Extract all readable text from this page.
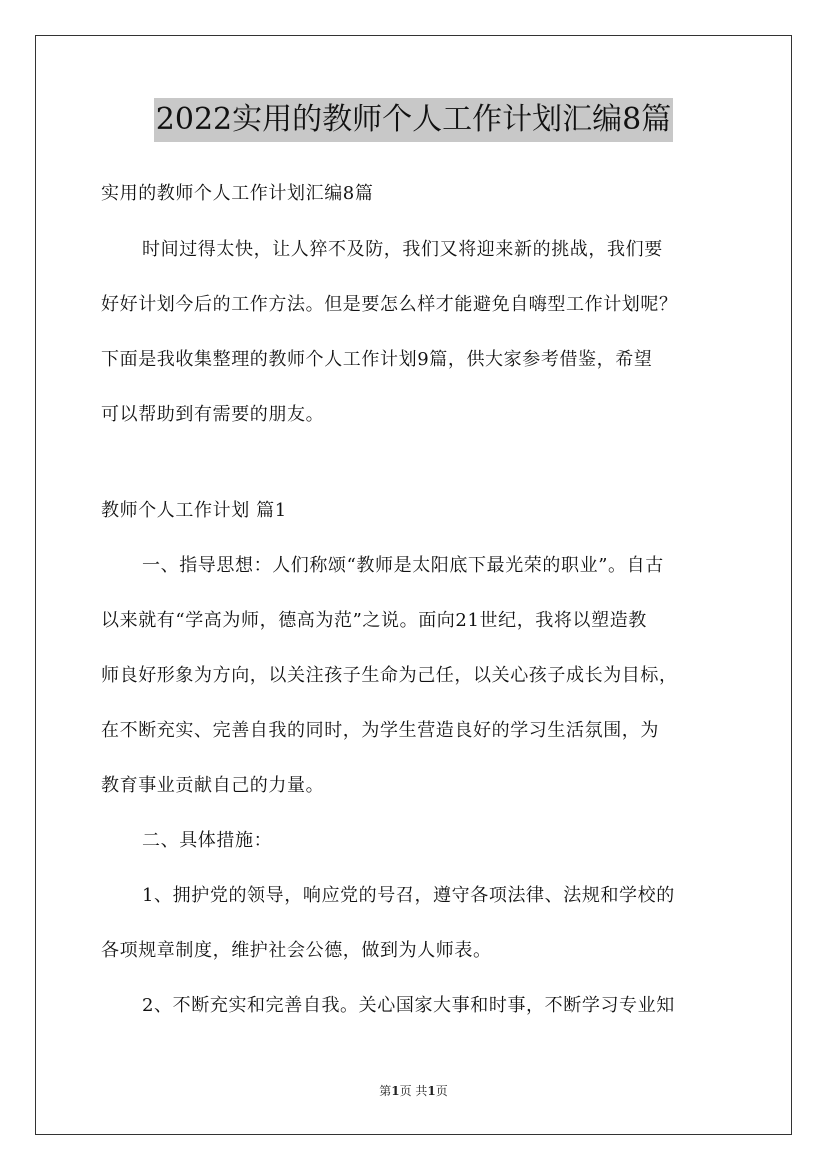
2022实用的教师个人工作计划汇编8篇
实用的教师个人工作计划汇编8篇
时间过得太快，让人猝不及防，我们又将迎来新的挑战，我们要
好好计划今后的工作方法。但是要怎么样才能避免自嗨型工作计划呢？
下面是我收集整理的教师个人工作计划9篇，供大家参考借鉴，希望
可以帮助到有需要的朋友。
教师个人工作计划 篇1
一、指导思想：人们称颂“教师是太阳底下最光荣的职业”。自古
以来就有“学高为师，德高为范”之说。面向21世纪，我将以塑造教
师良好形象为方向，以关注孩子生命为己任，以关心孩子成长为目标，
在不断充实、完善自我的同时，为学生营造良好的学习生活氛围，为
教育事业贡献自己的力量。
二、具体措施：
1、拥护党的领导，响应党的号召，遵守各项法律、法规和学校的
各项规章制度，维护社会公德，做到为人师表。
2、不断充实和完善自我。关心国家大事和时事，不断学习专业知
第1页 共1页
